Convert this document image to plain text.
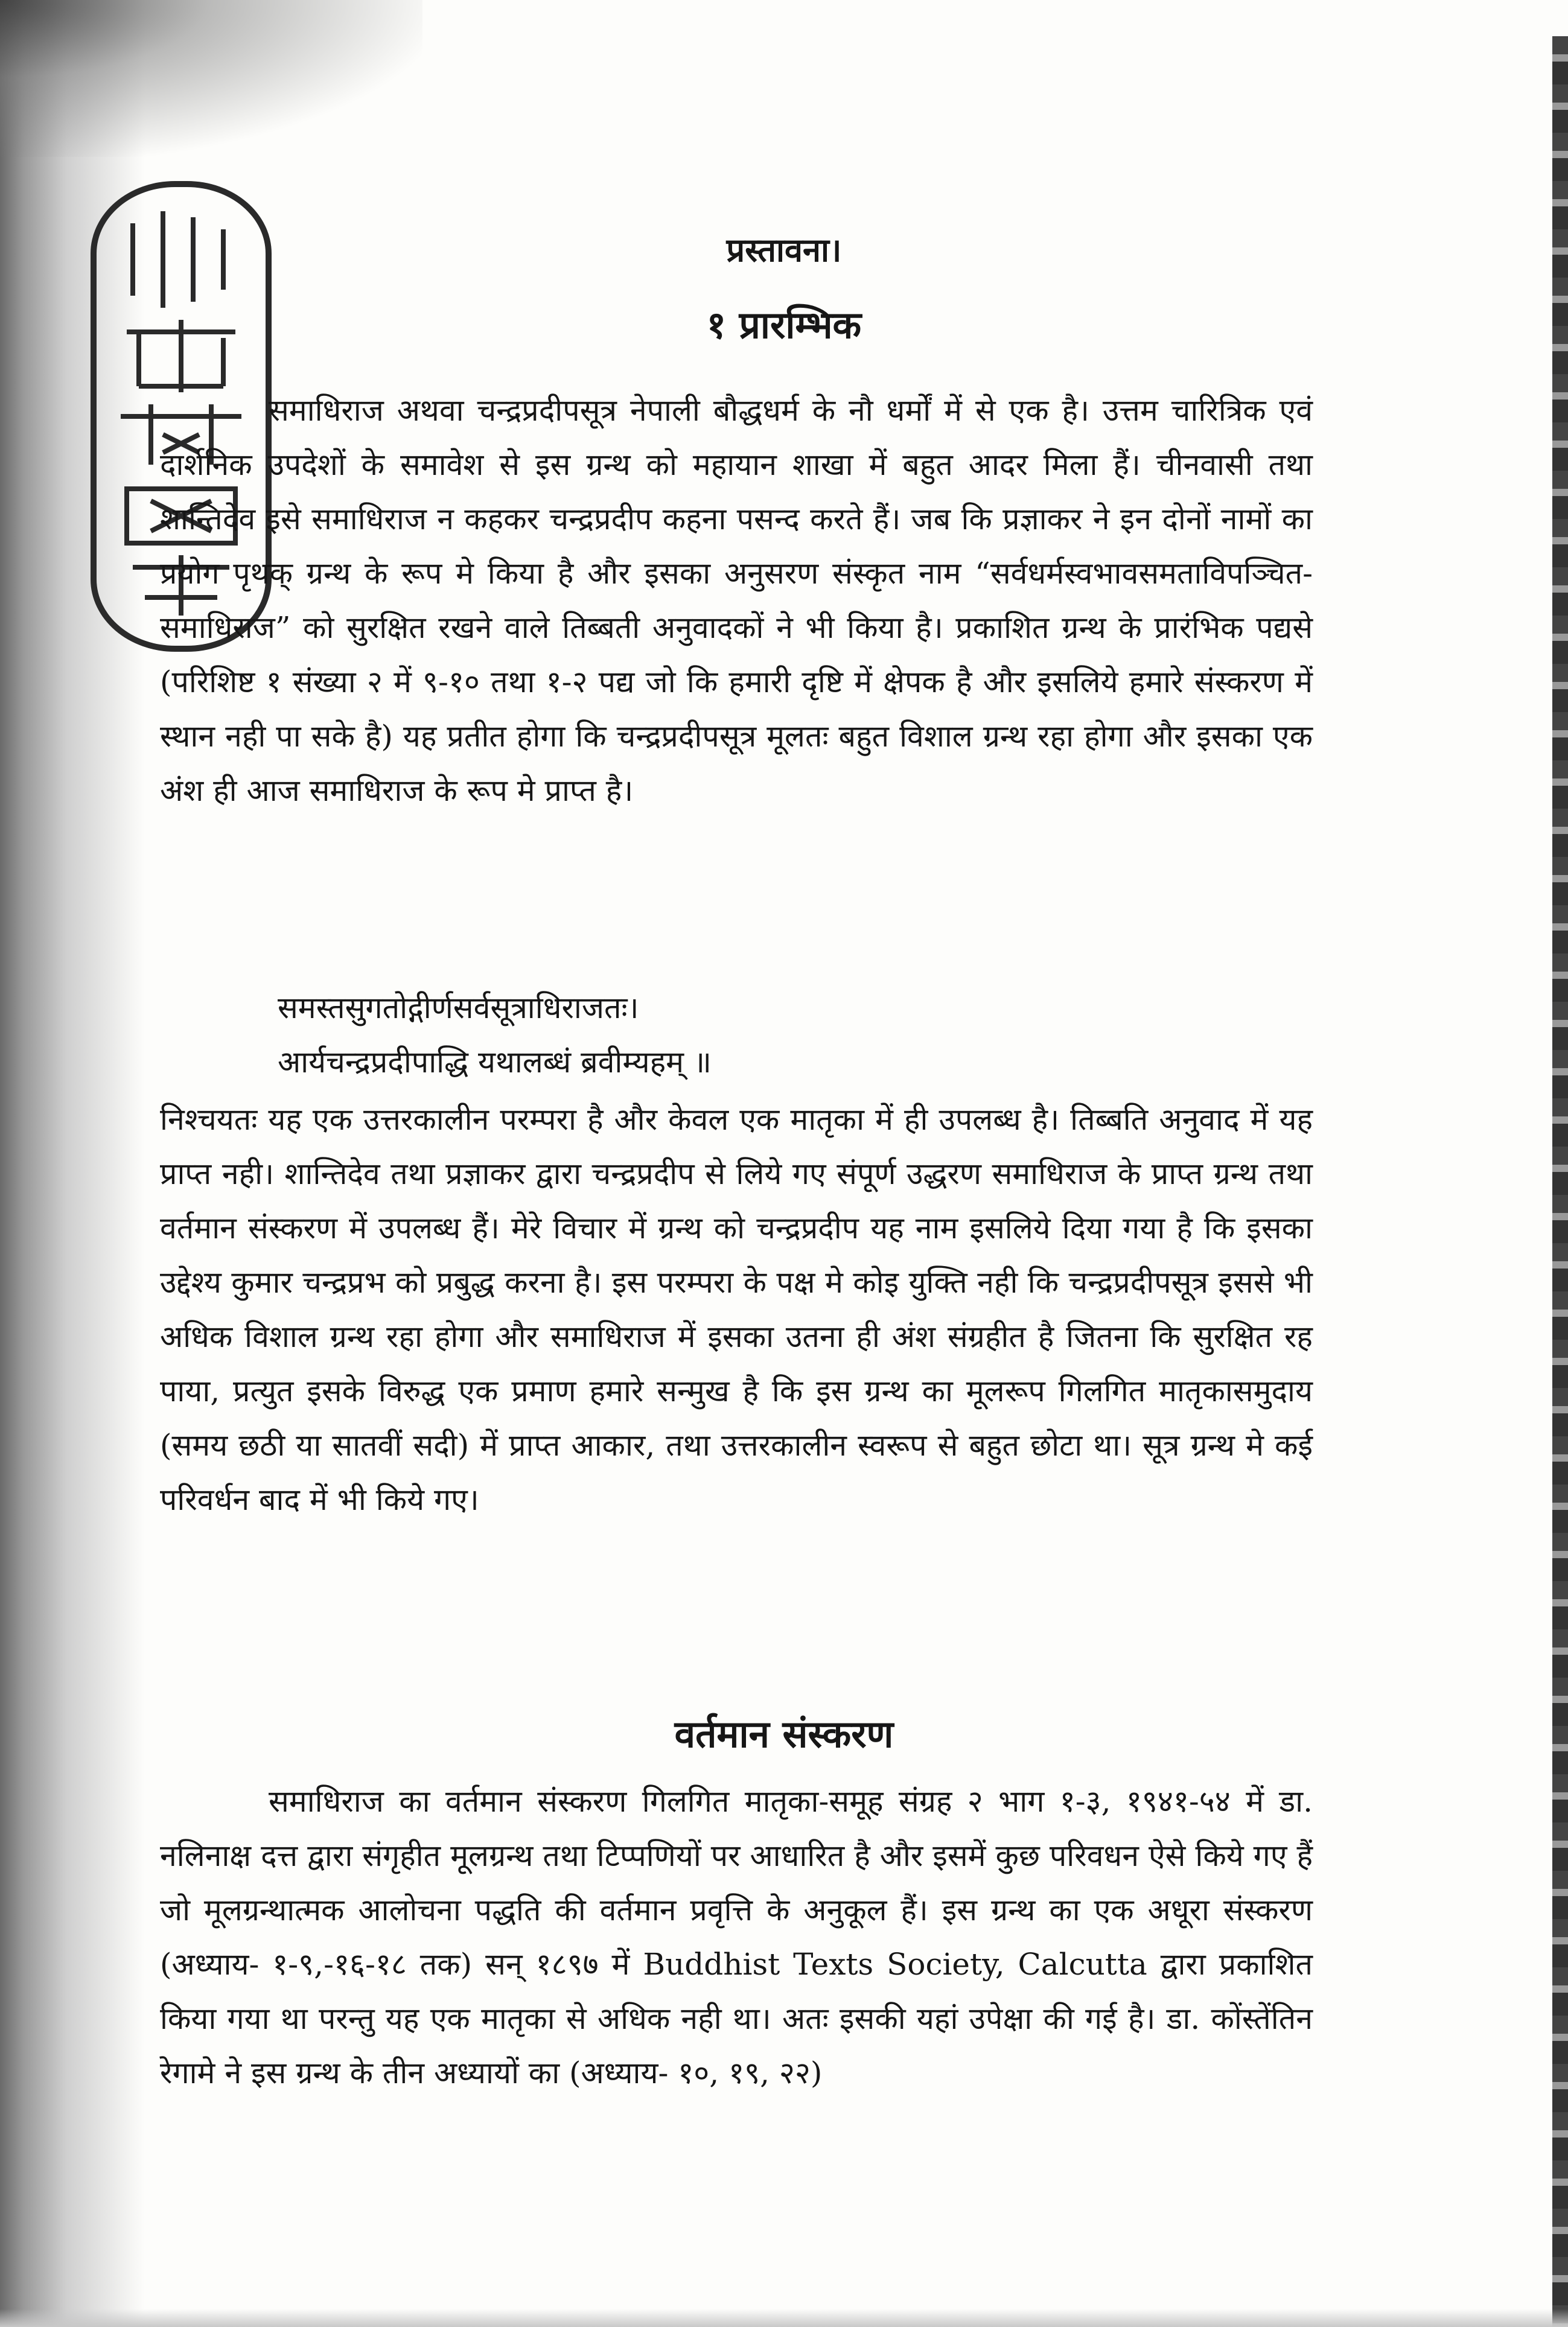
प्रस्तावना।
१ प्रारम्भिक

समाधिराज अथवा चन्द्रप्रदीपसूत्र नेपाली बौद्धधर्म के नौ धर्मों में से एक है। उत्तम चारित्रिक एवं दार्शनिक उपदेशों के समावेश से इस ग्रन्थ को महायान शाखा में बहुत आदर मिला हैं। चीनवासी तथा शान्तिदेव इसे समाधिराज न कहकर चन्द्रप्रदीप कहना पसन्द करते हैं। जब कि प्रज्ञाकर ने इन दोनों नामों का प्रयोग पृथक् ग्रन्थ के रूप मे किया है और इसका अनुसरण संस्कृत नाम “सर्वधर्मस्वभावसमताविपञ्चित-समाधिराज” को सुरक्षित रखने वाले तिब्बती अनुवादकों ने भी किया है। प्रकाशित ग्रन्थ के प्रारंभिक पद्यसे (परिशिष्ट १ संख्या २ में ९-१० तथा १-२ पद्य जो कि हमारी दृष्टि में क्षेपक है और इसलिये हमारे संस्करण में स्थान नही पा सके है) यह प्रतीत होगा कि चन्द्रप्रदीपसूत्र मूलतः बहुत विशाल ग्रन्थ रहा होगा और इसका एक अंश ही आज समाधिराज के रूप मे प्राप्त है।

समस्तसुगतोद्गीर्णसर्वसूत्राधिराजतः।

आर्यचन्द्रप्रदीपाद्धि यथालब्धं ब्रवीम्यहम् ॥

निश्चयतः यह एक उत्तरकालीन परम्परा है और केवल एक मातृका में ही उपलब्ध है। तिब्बति अनुवाद में यह प्राप्त नही। शान्तिदेव तथा प्रज्ञाकर द्वारा चन्द्रप्रदीप से लिये गए संपूर्ण उद्धरण समाधिराज के प्राप्त ग्रन्थ तथा वर्तमान संस्करण में उपलब्ध हैं। मेरे विचार में ग्रन्थ को चन्द्रप्रदीप यह नाम इसलिये दिया गया है कि इसका उद्देश्य कुमार चन्द्रप्रभ को प्रबुद्ध करना है। इस परम्परा के पक्ष मे कोइ युक्ति नही कि चन्द्रप्रदीपसूत्र इससे भी अधिक विशाल ग्रन्थ रहा होगा और समाधिराज में इसका उतना ही अंश संग्रहीत है जितना कि सुरक्षित रह पाया, प्रत्युत इसके विरुद्ध एक प्रमाण हमारे सन्मुख है कि इस ग्रन्थ का मूलरूप गिलगित मातृकासमुदाय (समय छठी या सातवीं सदी) में प्राप्त आकार, तथा उत्तरकालीन स्वरूप से बहुत छोटा था। सूत्र ग्रन्थ मे कई परिवर्धन बाद में भी किये गए।

वर्तमान संस्करण

समाधिराज का वर्तमान संस्करण गिलगित मातृका-समूह संग्रह २ भाग १-३, १९४१-५४ में डा. नलिनाक्ष दत्त द्वारा संगृहीत मूलग्रन्थ तथा टिप्पणियों पर आधारित है और इसमें कुछ परिवधन ऐसे किये गए हैं जो मूलग्रन्थात्मक आलोचना पद्धति की वर्तमान प्रवृत्ति के अनुकूल हैं। इस ग्रन्थ का एक अधूरा संस्करण (अध्याय- १-९,-१६-१८ तक) सन् १८९७ में Buddhist Texts Society, Calcutta द्वारा प्रकाशित किया गया था परन्तु यह एक मातृका से अधिक नही था। अतः इसकी यहां उपेक्षा की गई है। डा. कोंस्तेंतिन रेगामे ने इस ग्रन्थ के तीन अध्यायों का (अध्याय- १०, १९, २२)
